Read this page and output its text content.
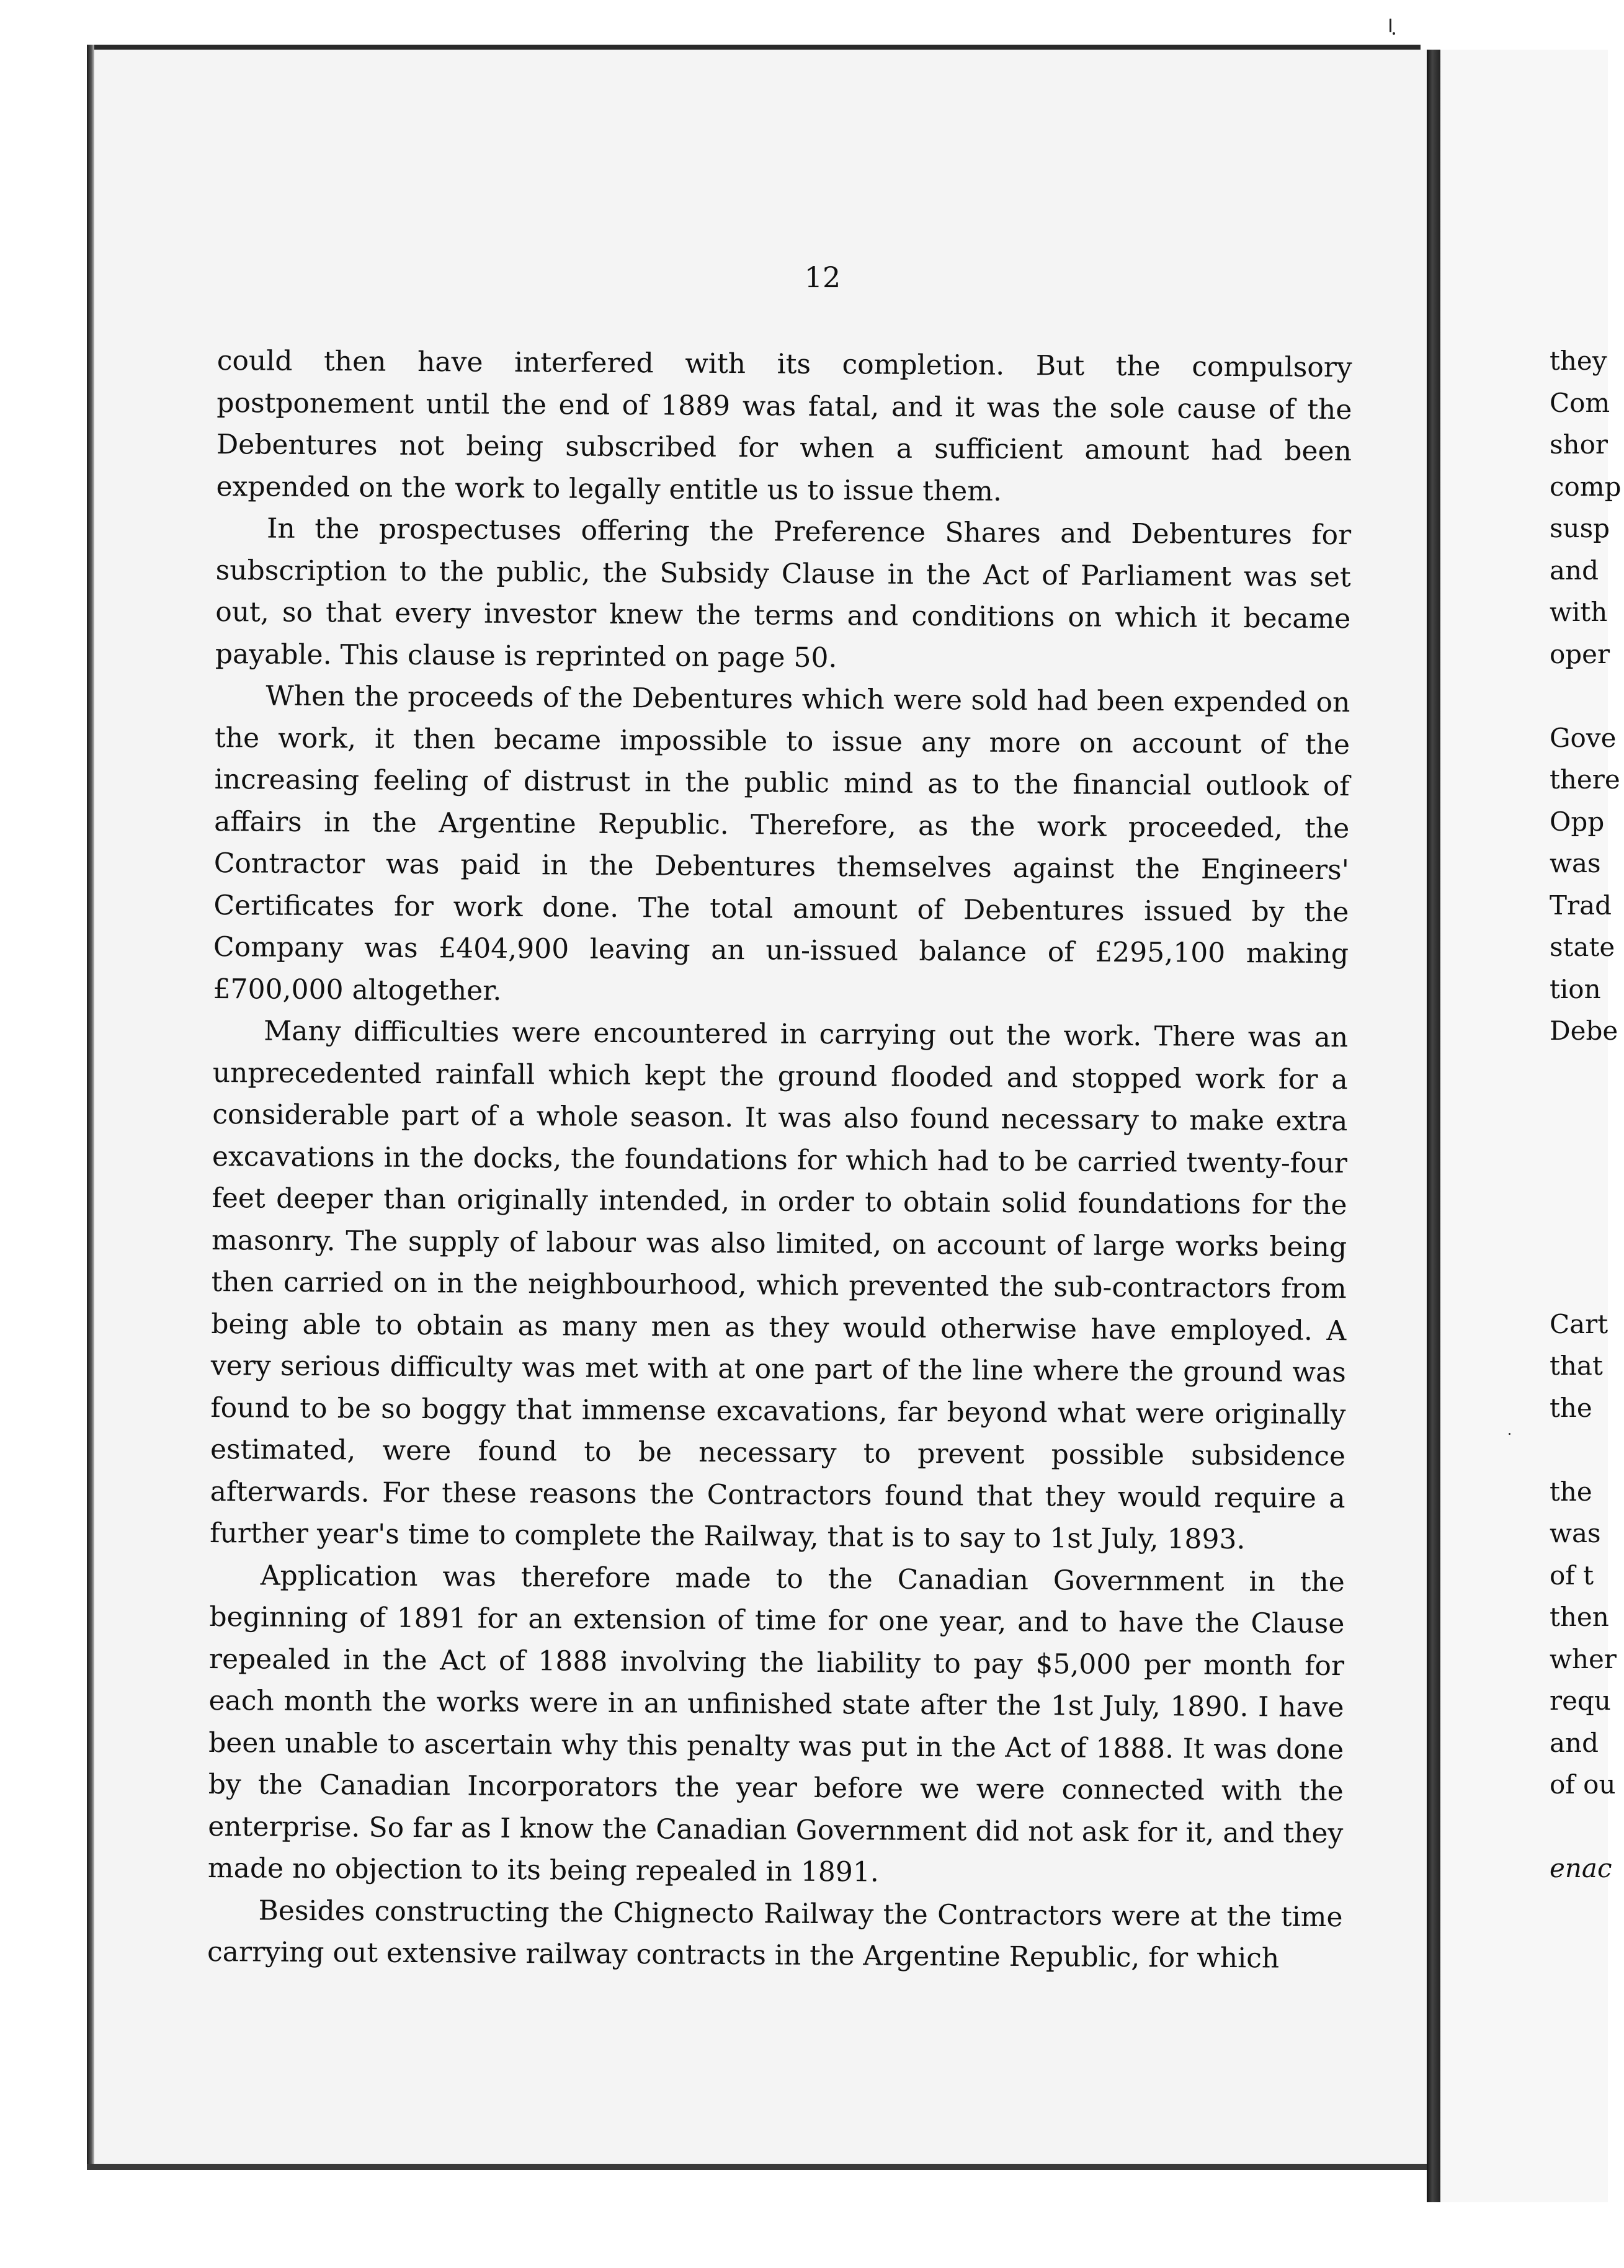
12

could then have interfered with its completion. But the compulsory postponement until the end of 1889 was fatal, and it was the sole cause of the Debentures not being subscribed for when a sufficient amount had been expended on the work to legally entitle us to issue them.

In the prospectuses offering the Preference Shares and Debentures for subscription to the public, the Subsidy Clause in the Act of Parliament was set out, so that every investor knew the terms and conditions on which it became payable. This clause is reprinted on page 50.

When the proceeds of the Debentures which were sold had been expended on the work, it then became impossible to issue any more on account of the increasing feeling of distrust in the public mind as to the financial outlook of affairs in the Argentine Republic. Therefore, as the work proceeded, the Contractor was paid in the Debentures themselves against the Engineers' Certificates for work done. The total amount of Debentures issued by the Company was £404,900 leaving an un-issued balance of £295,100 making £700,000 altogether.

Many difficulties were encountered in carrying out the work. There was an unprecedented rainfall which kept the ground flooded and stopped work for a considerable part of a whole season. It was also found necessary to make extra excavations in the docks, the foundations for which had to be carried twenty-four feet deeper than originally intended, in order to obtain solid foundations for the masonry. The supply of labour was also limited, on account of large works being then carried on in the neighbourhood, which prevented the sub-contractors from being able to obtain as many men as they would otherwise have employed. A very serious difficulty was met with at one part of the line where the ground was found to be so boggy that immense excavations, far beyond what were originally estimated, were found to be necessary to prevent possible subsidence afterwards. For these reasons the Contractors found that they would require a further year's time to complete the Railway, that is to say to 1st July, 1893.

Application was therefore made to the Canadian Government in the beginning of 1891 for an extension of time for one year, and to have the Clause repealed in the Act of 1888 involving the liability to pay $5,000 per month for each month the works were in an unfinished state after the 1st July, 1890. I have been unable to ascertain why this penalty was put in the Act of 1888. It was done by the Canadian Incorporators the year before we were connected with the enterprise. So far as I know the Canadian Government did not ask for it, and they made no objection to its being repealed in 1891.

Besides constructing the Chignecto Railway the Contractors were at the time carrying out extensive railway contracts in the Argentine Republic, for which

they
Com
shor
comp
susp
and
with
oper
Gove
there
Opp
was
Trad
state
tion
Debe
Cart
that
the
the
was
of t
then
wher
requ
and
of ou
enac
